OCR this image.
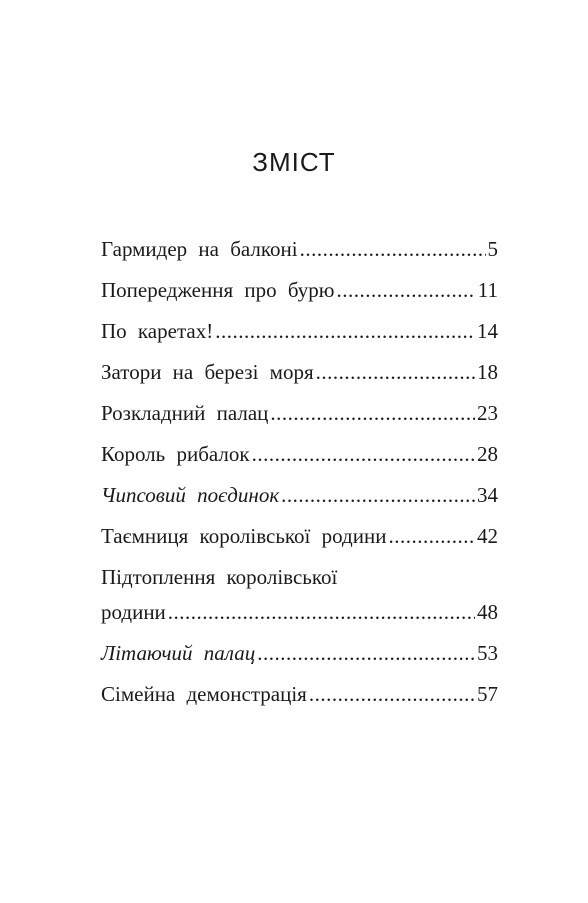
ЗМІСТ
Гармидер на балконі .....	5
Попередження про бурю .....	11
По каретах! .....	14
Затори на березі моря .....	18
Розкладний палац .....	23
Король рибалок .....	28
Чипсовий поєдинок .....	34
Таємниця королівської родини .....	42
Підтоплення королівської
родини .....	48
Літаючий палац .....	53
Сімейна демонстрація .....	57
